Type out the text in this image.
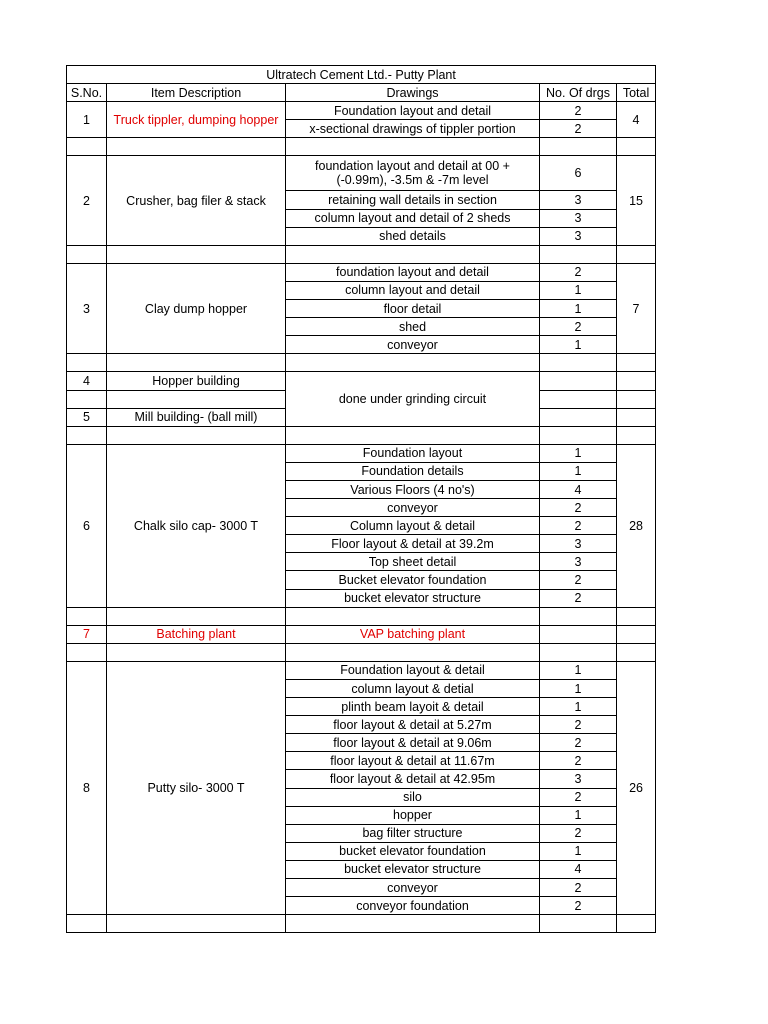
Ultratech Cement Ltd.- Putty Plant				
S.No.	Item Description	Drawings	No. Of drgs	Total
1	Truck tippler, dumping hopper	Foundation layout and detail	2	4
		x-sectional drawings of tippler portion	2	

2	Crusher, bag filer & stack	foundation layout and detail at 00 + (-0.99m), -3.5m & -7m level	6	15
		retaining wall details in section	3	
		column layout and detail of 2 sheds	3	
		shed details	3	

3	Clay dump hopper	foundation layout and detail	2	7
		column layout and detail	1	
		floor detail	1	
		shed	2	
		conveyor	1	

4	Hopper building	done under grinding circuit		

5	Mill building- (ball mill)			

6	Chalk silo cap- 3000 T	Foundation layout	1	28
		Foundation details	1	
		Various Floors (4 no's)	4	
		conveyor	2	
		Column layout & detail	2	
		Floor layout & detail at 39.2m	3	
		Top sheet detail	3	
		Bucket elevator foundation	2	
		bucket elevator structure	2	

7	Batching plant	VAP batching plant		

8	Putty silo- 3000 T	Foundation layout & detail	1	26
		column layout & detial	1	
		plinth beam layoit & detail	1	
		floor layout & detail at 5.27m	2	
		floor layout & detail at 9.06m	2	
		floor layout & detail at 11.67m	2	
		floor layout & detail at 42.95m	3	
		silo	2	
		hopper	1	
		bag filter structure	2	
		bucket elevator foundation	1	
		bucket elevator structure	4	
		conveyor	2	
		conveyor foundation	2	
